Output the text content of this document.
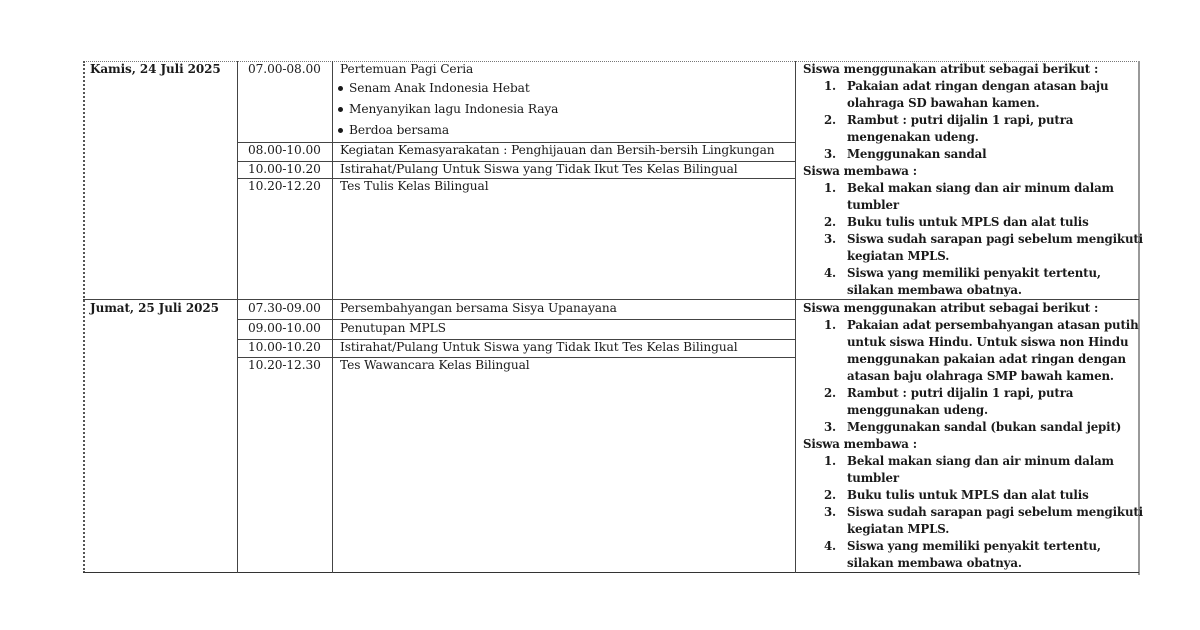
Kamis, 24 Juli 2025 07.00-08.00 Pertemuan Pagi Ceria
Senam Anak Indonesia Hebat
Menyanyikan lagu Indonesia Raya
Berdoa bersama
08.00-10.00 Kegiatan Kemasyarakatan : Penghijauan dan Bersih-bersih Lingkungan
10.00-10.20 Istirahat/Pulang Untuk Siswa yang Tidak Ikut Tes Kelas Bilingual
10.20-12.20 Tes Tulis Kelas Bilingual
Siswa menggunakan atribut sebagai berikut :
1. Pakaian adat ringan dengan atasan baju
olahraga SD bawahan kamen.
2. Rambut : putri dijalin 1 rapi, putra
mengenakan udeng.
3. Menggunakan sandal
Siswa membawa :
1. Bekal makan siang dan air minum dalam
tumbler
2. Buku tulis untuk MPLS dan alat tulis
3. Siswa sudah sarapan pagi sebelum mengikuti
kegiatan MPLS.
4. Siswa yang memiliki penyakit tertentu,
silakan membawa obatnya.
Jumat, 25 Juli 2025 07.30-09.00 Persembahyangan bersama Sisya Upanayana
09.00-10.00 Penutupan MPLS
10.00-10.20 Istirahat/Pulang Untuk Siswa yang Tidak Ikut Tes Kelas Bilingual
10.20-12.30 Tes Wawancara Kelas Bilingual
Siswa menggunakan atribut sebagai berikut :
1. Pakaian adat persembahyangan atasan putih
untuk siswa Hindu. Untuk siswa non Hindu
menggunakan pakaian adat ringan dengan
atasan baju olahraga SMP bawah kamen.
2. Rambut : putri dijalin 1 rapi, putra
menggunakan udeng.
3. Menggunakan sandal (bukan sandal jepit)
Siswa membawa :
1. Bekal makan siang dan air minum dalam
tumbler
2. Buku tulis untuk MPLS dan alat tulis
3. Siswa sudah sarapan pagi sebelum mengikuti
kegiatan MPLS.
4. Siswa yang memiliki penyakit tertentu,
silakan membawa obatnya.
